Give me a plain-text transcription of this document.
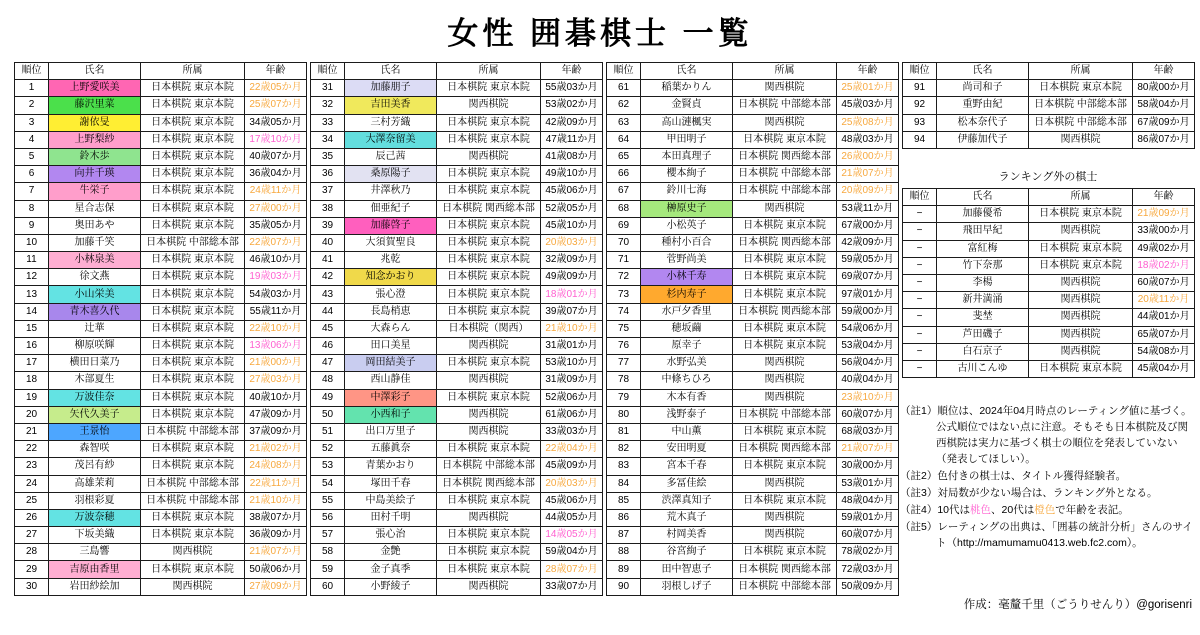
女性 囲碁棋士 一覧
順位	氏名	所属	年齢
1	上野愛咲美	日本棋院 東京本院	22歳05か月
2	藤沢里菜	日本棋院 東京本院	25歳07か月
3	謝依旻	日本棋院 東京本院	34歳05か月
4	上野梨紗	日本棋院 東京本院	17歳10か月
5	鈴木歩	日本棋院 東京本院	40歳07か月
6	向井千瑛	日本棋院 東京本院	36歳04か月
7	牛栄子	日本棋院 東京本院	24歳11か月
8	星合志保	日本棋院 東京本院	27歳00か月
9	奥田あや	日本棋院 東京本院	35歳05か月
10	加藤千笑	日本棋院 中部総本部	22歳07か月
11	小林泉美	日本棋院 東京本院	46歳10か月
12	徐文燕	日本棋院 東京本院	19歳03か月
13	小山栄美	日本棋院 東京本院	54歳03か月
14	青木喜久代	日本棋院 東京本院	55歳11か月
15	辻華	日本棋院 東京本院	22歳10か月
16	柳原咲輝	日本棋院 東京本院	13歳06か月
17	横田日菜乃	日本棋院 東京本院	21歳00か月
18	木部夏生	日本棋院 東京本院	27歳03か月
19	万波佳奈	日本棋院 東京本院	40歳10か月
20	矢代久美子	日本棋院 東京本院	47歳09か月
21	王景怡	日本棋院 中部総本部	37歳09か月
22	森智咲	日本棋院 東京本院	21歳02か月
23	茂呂有紗	日本棋院 東京本院	24歳08か月
24	高雄茉莉	日本棋院 中部総本部	22歳11か月
25	羽根彩夏	日本棋院 中部総本部	21歳10か月
26	万波奈穂	日本棋院 東京本院	38歳07か月
27	下坂美織	日本棋院 東京本院	36歳09か月
28	三島響	関西棋院	21歳07か月
29	吉原由香里	日本棋院 東京本院	50歳06か月
30	岩田紗絵加	関西棋院	27歳09か月
順位	氏名	所属	年齢
31	加藤朋子	日本棋院 東京本院	55歳03か月
32	吉田美香	関西棋院	53歳02か月
33	三村芳織	日本棋院 東京本院	42歳09か月
34	大澤奈留美	日本棋院 東京本院	47歳11か月
35	辰己茜	関西棋院	41歳08か月
36	桑原陽子	日本棋院 東京本院	49歳10か月
37	井澤秋乃	日本棋院 東京本院	45歳06か月
38	佃亜紀子	日本棋院 関西総本部	52歳05か月
39	加藤啓子	日本棋院 東京本院	45歳10か月
40	大須賀聖良	日本棋院 東京本院	20歳03か月
41	兆乾	日本棋院 東京本院	32歳09か月
42	知念かおり	日本棋院 東京本院	49歳09か月
43	張心澄	日本棋院 東京本院	18歳01か月
44	長島梢恵	日本棋院 東京本院	39歳07か月
45	大森らん	日本棋院（関西）	21歳10か月
46	田口美星	関西棋院	31歳01か月
47	岡田結美子	日本棋院 東京本院	53歳10か月
48	西山静佳	関西棋院	31歳09か月
49	中澤彩子	日本棋院 東京本院	52歳06か月
50	小西和子	関西棋院	61歳06か月
51	出口万里子	関西棋院	33歳03か月
52	五藤眞奈	日本棋院 東京本院	22歳04か月
53	青葉かおり	日本棋院 中部総本部	45歳09か月
54	塚田千春	日本棋院 関西総本部	20歳03か月
55	中島美絵子	日本棋院 東京本院	45歳06か月
56	田村千明	関西棋院	44歳05か月
57	張心治	日本棋院 東京本院	14歳05か月
58	金艶	日本棋院 東京本院	59歳04か月
59	金子真季	日本棋院 東京本院	28歳07か月
60	小野綾子	関西棋院	33歳07か月
順位	氏名	所属	年齢
61	稲葉かりん	関西棋院	25歳01か月
62	金賢貞	日本棋院 中部総本部	45歳03か月
63	高山漣楓実	関西棋院	25歳08か月
64	甲田明子	日本棋院 東京本院	48歳03か月
65	本田真理子	日本棋院 関西総本部	26歳00か月
66	櫻本絢子	日本棋院 中部総本部	21歳07か月
67	鈴川七海	日本棋院 中部総本部	20歳09か月
68	榊原史子	関西棋院	53歳11か月
69	小松英子	日本棋院 東京本院	67歳00か月
70	種村小百合	日本棋院 関西総本部	42歳09か月
71	菅野尚美	日本棋院 東京本院	59歳05か月
72	小林千寿	日本棋院 東京本院	69歳07か月
73	杉内寿子	日本棋院 東京本院	97歳01か月
74	水戸夕香里	日本棋院 関西総本部	59歳00か月
75	穂坂繭	日本棋院 東京本院	54歳06か月
76	原幸子	日本棋院 東京本院	53歳04か月
77	水野弘美	関西棋院	56歳04か月
78	中條ちひろ	関西棋院	40歳04か月
79	木本有香	関西棋院	23歳10か月
80	浅野泰子	日本棋院 中部総本部	60歳07か月
81	中山薫	日本棋院 東京本院	68歳03か月
82	安田明夏	日本棋院 関西総本部	21歳07か月
83	宮本千春	日本棋院 東京本院	30歳00か月
84	多冨佳絵	関西棋院	53歳01か月
85	渋澤真知子	日本棋院 東京本院	48歳04か月
86	荒木真子	関西棋院	59歳01か月
87	村岡美香	関西棋院	60歳07か月
88	谷宮絢子	日本棋院 東京本院	78歳02か月
89	田中智恵子	日本棋院 関西総本部	72歳03か月
90	羽根しげ子	日本棋院 中部総本部	50歳09か月
順位	氏名	所属	年齢
91	尚司和子	日本棋院 東京本院	80歳00か月
92	重野由紀	日本棋院 中部総本部	58歳04か月
93	松本奈代子	日本棋院 中部総本部	67歳09か月
94	伊藤加代子	関西棋院	86歳07か月
ランキング外の棋士
順位	氏名	所属	年齢
−	加藤優希	日本棋院 東京本院	21歳09か月
−	飛田早紀	関西棋院	33歳00か月
−	富紅梅	日本棋院 東京本院	49歳02か月
−	竹下奈那	日本棋院 東京本院	18歳02か月
−	李楊	関西棋院	60歳07か月
−	新井満涌	関西棋院	20歳11か月
−	斐埜	関西棋院	44歳01か月
−	芦田磯子	関西棋院	65歳07か月
−	白石京子	関西棋院	54歳08か月
−	古川こんゆ	日本棋院 東京本院	45歳04か月
（註1）順位は、2024年04月時点のレーティング値に基づく。公式順位ではない点に注意。そもそも日本棋院及び関西棋院は実力に基づく棋士の順位を発表していない（発表してほしい）。
（註2）色付きの棋士は、タイトル獲得経験者。
（註3）対局数が少ない場合は、ランキング外となる。
（註4）10代は桃色、20代は橙色で年齢を表記。
（註5）レーティングの出典は、「囲碁の統計分析」さんのサイト（http://mamumamu0413.web.fc2.com）。
作成：毫釐千里（ごうりせんり）@gorisenri
